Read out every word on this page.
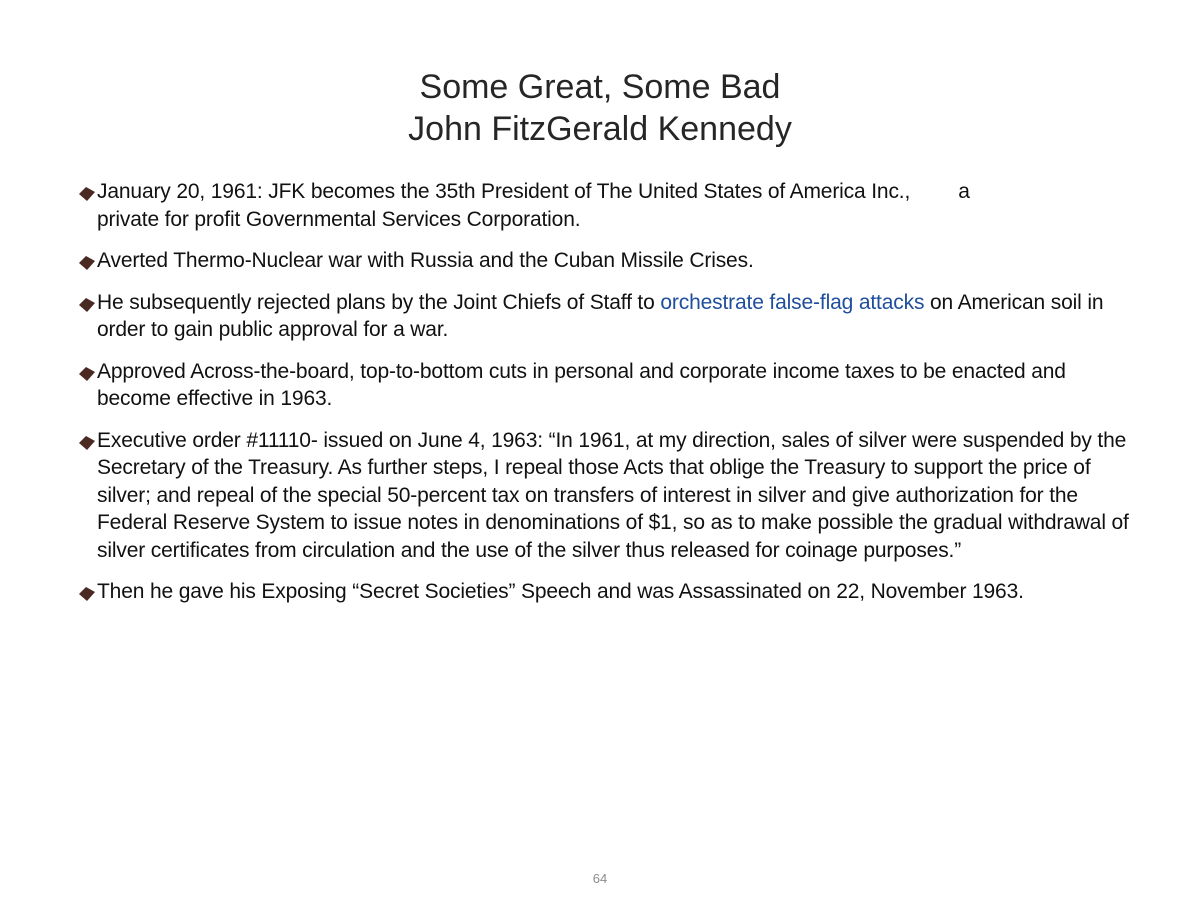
Some Great, Some Bad
John FitzGerald Kennedy
January 20, 1961: JFK becomes the 35th President of The United States of America Inc., a
private for profit Governmental Services Corporation.
Averted Thermo-Nuclear war with Russia and the Cuban Missile Crises.
He subsequently rejected plans by the Joint Chiefs of Staff to orchestrate false-flag attacks on American soil in order to gain public approval for a war.
Approved Across-the-board, top-to-bottom cuts in personal and corporate income taxes to be enacted and become effective in 1963.
Executive order #11110- issued on June 4, 1963: “In 1961, at my direction, sales of silver were suspended by the Secretary of the Treasury. As further steps, I repeal those Acts that oblige the Treasury to support the price of silver; and repeal of the special 50-percent tax on transfers of interest in silver and give authorization for the Federal Reserve System to issue notes in denominations of $1, so as to make possible the gradual withdrawal of silver certificates from circulation and the use of the silver thus released for coinage purposes.”
Then he gave his Exposing “Secret Societies” Speech and was Assassinated on 22, November 1963.
64
